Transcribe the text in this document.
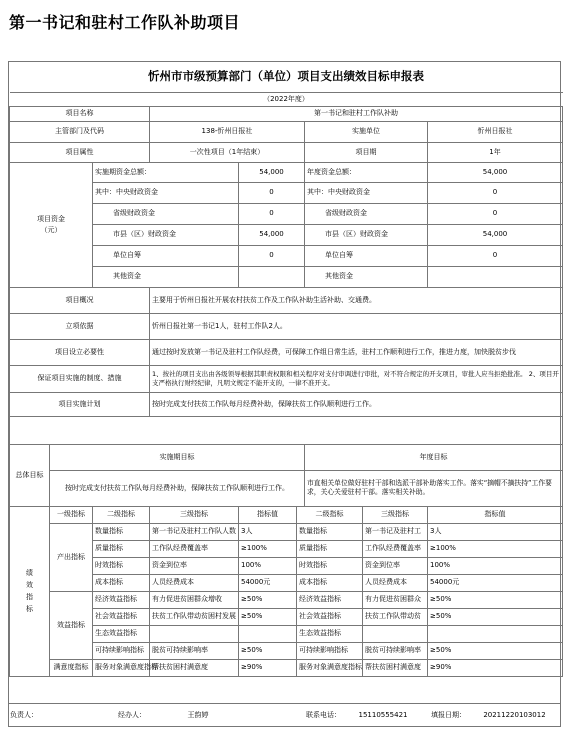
第一书记和驻村工作队补助项目
忻州市市级预算部门（单位）项目支出绩效目标申报表								
（2022年度）								
项目名称			第一书记和驻村工作队补助					
主管部门及代码			138-忻州日报社			实施单位		忻州日报社
项目属性			一次性项目（1年结束）			项目期		1年
项目资金
（元）		实施期资金总额：		54,000		年度资金总额：		54,000
		其中：中央财政资金		0		其中：中央财政资金		0
		省级财政资金		0		省级财政资金		0
		市县（区）财政资金		54,000		市县（区）财政资金		54,000
		单位自筹		0		单位自筹		0
		其他资金				其他资金		
项目概况			主要用于忻州日报社开展农村扶贫工作及工作队补助生活补助、交通费。					
立项依据			忻州日报社第一书记1人，驻村工作队2人。					
项目设立必要性			通过按时发放第一书记及驻村工作队经费，可保障工作组日常生活，驻村工作顺利进行工作，推进力度，加快脱贫步伐					
保证项目实施的制度、措施			1、按社的项目支出由各级领导根据其职责权限和相关程序对支付审调进行审批，对不符合规定的开支项目，审批人应当拒绝批准。 2、项目开支严格执行财经纪律，凡明文规定不能开支的，一律不准开支。					
项目实施计划			按时完成支付扶贫工作队每月经费补助，保障扶贫工作队顺利进行工作。					

总体目标	实施期目标					年度目标		
	按时完成支付扶贫工作队每月经费补助，保障扶贫工作队顺利进行工作。					市直相关单位做好驻村干部和选派干部补助落实工作。落实“摘帽不摘扶持”工作要求，关心关爱驻村干部。落实相关补助。		
绩效指标	一级指标	二级指标	三级指标	指标值	二级指标		三级指标	指标值
	产出指标	数量指标	第一书记及驻村工作队人数	3人	数量指标		第一书记及驻村工	3人
		质量指标	工作队经费覆盖率	≥100%	质量指标		工作队经费覆盖率	≥100%
		时效指标	资金到位率	100%	时效指标		资金到位率	100%
		成本指标	人员经费成本	54000元	成本指标		人员经费成本	54000元
	效益指标	经济效益指标	有力促进贫困群众增收	≥50%	经济效益指标		有力促进贫困群众	≥50%
		社会效益指标	扶贫工作队带动贫困村发展	≥50%	社会效益指标		扶贫工作队带动贫	≥50%
		生态效益指标			生态效益指标			
		可持续影响指标	脱贫可持续影响率	≥50%	可持续影响指标		脱贫可持续影响率	≥50%
	满意度指标	服务对象满意度指标	帮扶贫困村满意度	≥90%	服务对象满意度指标		帮扶贫困村满意度	≥90%
负责人：		经办人：	王韵婷	联系电话：	15110555421	填报日期：	20211220103012
